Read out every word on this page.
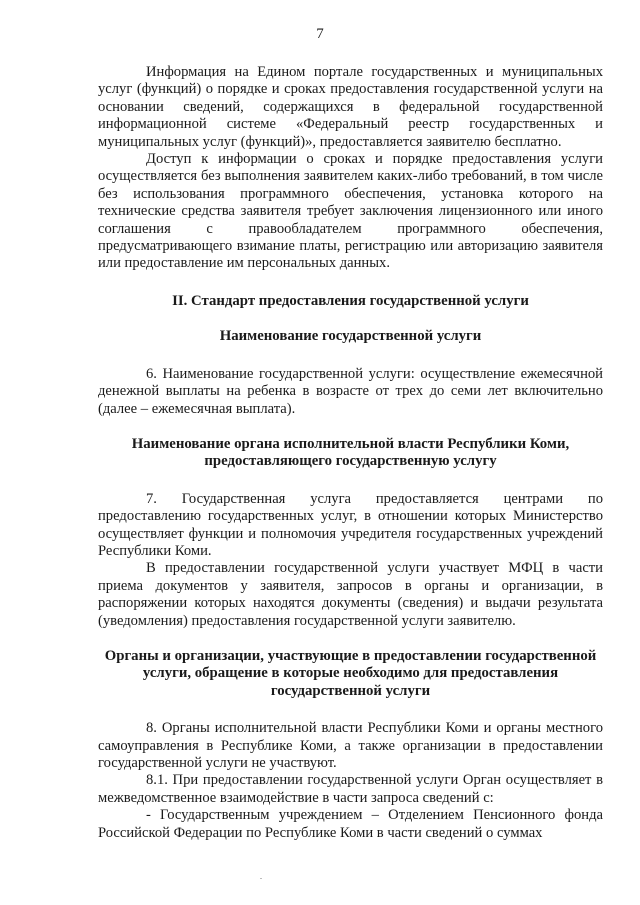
7

Информация на Едином портале государственных и муниципальных услуг (функций) о порядке и сроках предоставления государственной услуги на основании сведений, содержащихся в федеральной государственной информационной системе «Федеральный реестр государственных и муниципальных услуг (функций)», предоставляется заявителю бесплатно.

Доступ к информации о сроках и порядке предоставления услуги осуществляется без выполнения заявителем каких-либо требований, в том числе без использования программного обеспечения, установка которого на технические средства заявителя требует заключения лицензионного или иного соглашения с правообладателем программного обеспечения, предусматривающего взимание платы, регистрацию или авторизацию заявителя или предоставление им персональных данных.

II. Стандарт предоставления государственной услуги
Наименование государственной услуги

6. Наименование государственной услуги: осуществление ежемесячной денежной выплаты на ребенка в возрасте от трех до семи лет включительно (далее – ежемесячная выплата).

Наименование органа исполнительной власти Республики Коми, предоставляющего государственную услугу

7. Государственная услуга предоставляется центрами по предоставлению государственных услуг, в отношении которых Министерство осуществляет функции и полномочия учредителя государственных учреждений Республики Коми.

В предоставлении государственной услуги участвует МФЦ в части приема документов у заявителя, запросов в органы и организации, в распоряжении которых находятся документы (сведения) и выдачи результата (уведомления) предоставления государственной услуги заявителю.

Органы и организации, участвующие в предоставлении государственной услуги, обращение в которые необходимо для предоставления государственной услуги

8. Органы исполнительной власти Республики Коми и органы местного самоуправления в Республике Коми, а также организации в предоставлении государственной услуги не участвуют.

8.1. При предоставлении государственной услуги Орган осуществляет в межведомственное взаимодействие в части запроса сведений с:

- Государственным учреждением – Отделением Пенсионного фонда Российской Федерации по Республике Коми в части сведений о суммах
